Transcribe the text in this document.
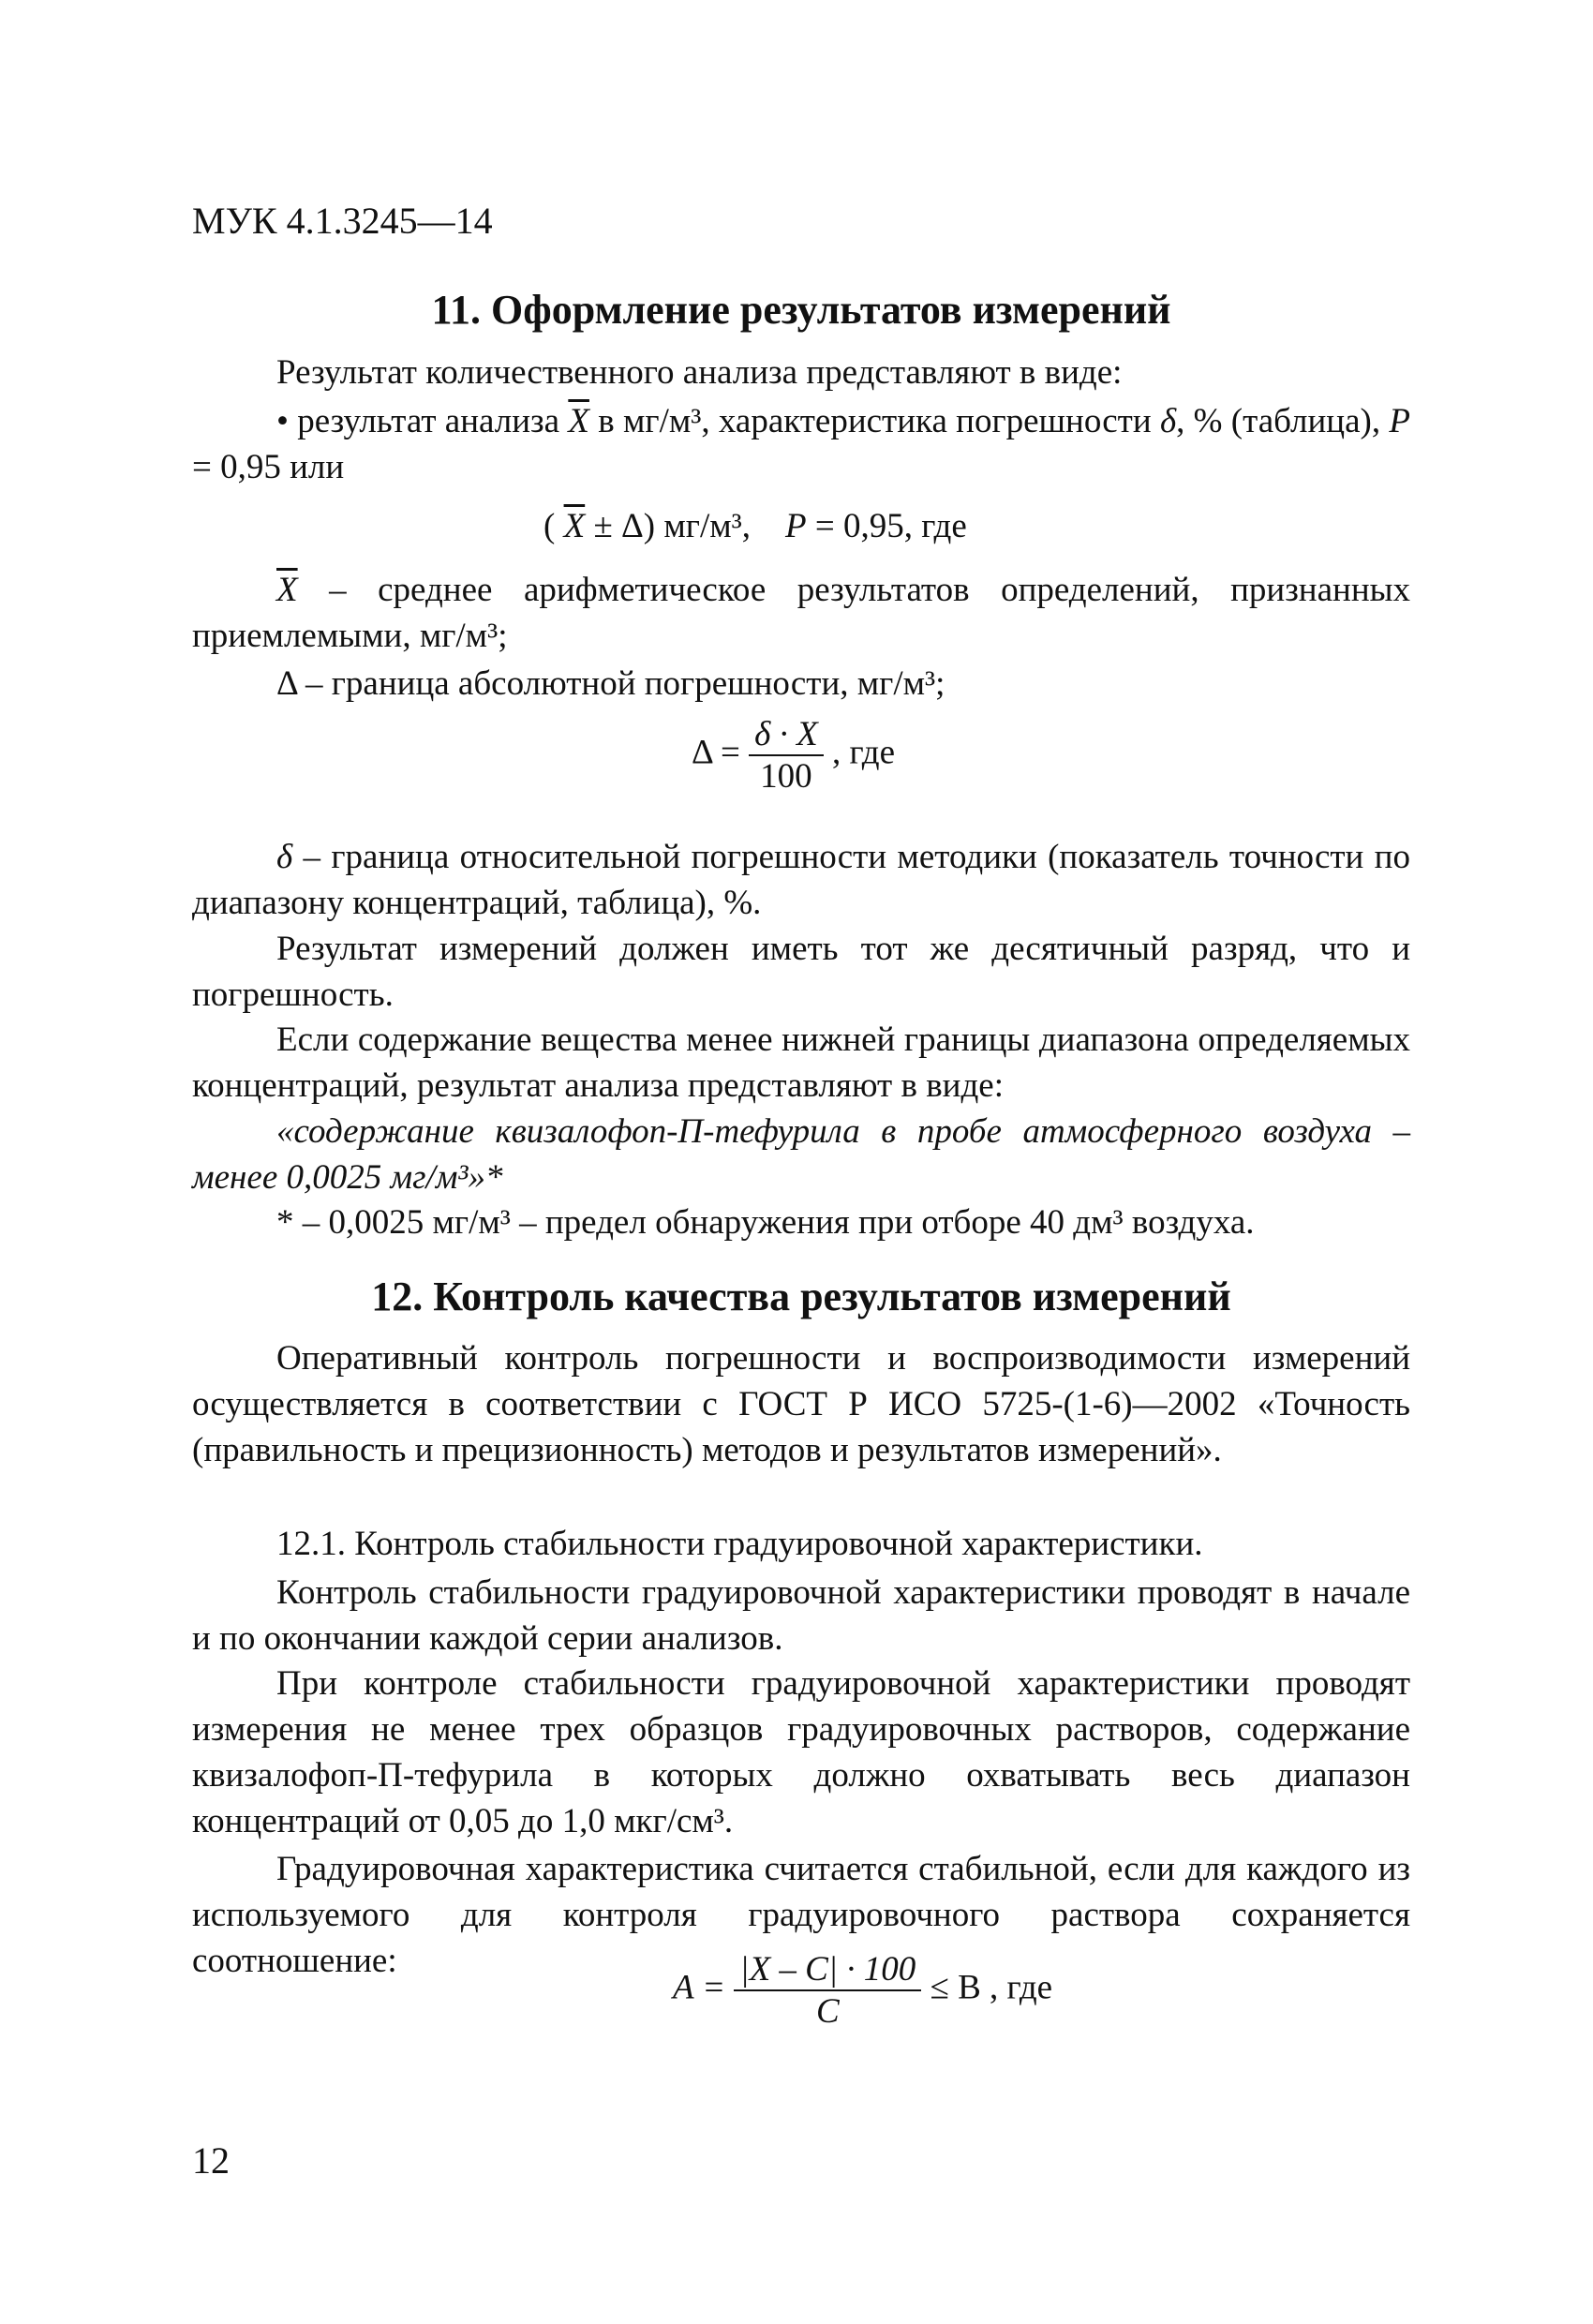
МУК 4.1.3245—14
11. Оформление результатов измерений
Результат количественного анализа представляют в виде:
• результат анализа $\overline{X}$ в мг/м³, характеристика погрешности δ, % (таблица), P = 0,95 или
( $\overline{X} \pm \Delta$) мг/м³, P = 0,95, где
$\overline{X}$ – среднее арифметическое результатов определений, признанных приемлемыми, мг/м³;
Δ – граница абсолютной погрешности, мг/м³;
$\Delta = \frac{\delta \cdot X}{100}$ , где
δ – граница относительной погрешности методики (показатель точности по диапазону концентраций, таблица), %.
Результат измерений должен иметь тот же десятичный разряд, что и погрешность.
Если содержание вещества менее нижней границы диапазона определяемых концентраций, результат анализа представляют в виде:
«содержание квизалофоп-П-тефурила в пробе атмосферного воздуха – менее 0,0025 мг/м³»*
* – 0,0025 мг/м³ – предел обнаружения при отборе 40 дм³ воздуха.
12. Контроль качества результатов измерений
Оперативный контроль погрешности и воспроизводимости измерений осуществляется в соответствии с ГОСТ Р ИСО 5725-(1-6)—2002 «Точность (правильность и прецизионность) методов и результатов измерений».
12.1. Контроль стабильности градуировочной характеристики.
Контроль стабильности градуировочной характеристики проводят в начале и по окончании каждой серии анализов.
При контроле стабильности градуировочной характеристики проводят измерения не менее трех образцов градуировочных растворов, содержание квизалофоп-П-тефурила в которых должно охватывать весь диапазон концентраций от 0,05 до 1,0 мкг/см³.
Градуировочная характеристика считается стабильной, если для каждого из используемого для контроля градуировочного раствора сохраняется соотношение:
$A = \frac{|X - C| \cdot 100}{C} \le B$ , где
12
